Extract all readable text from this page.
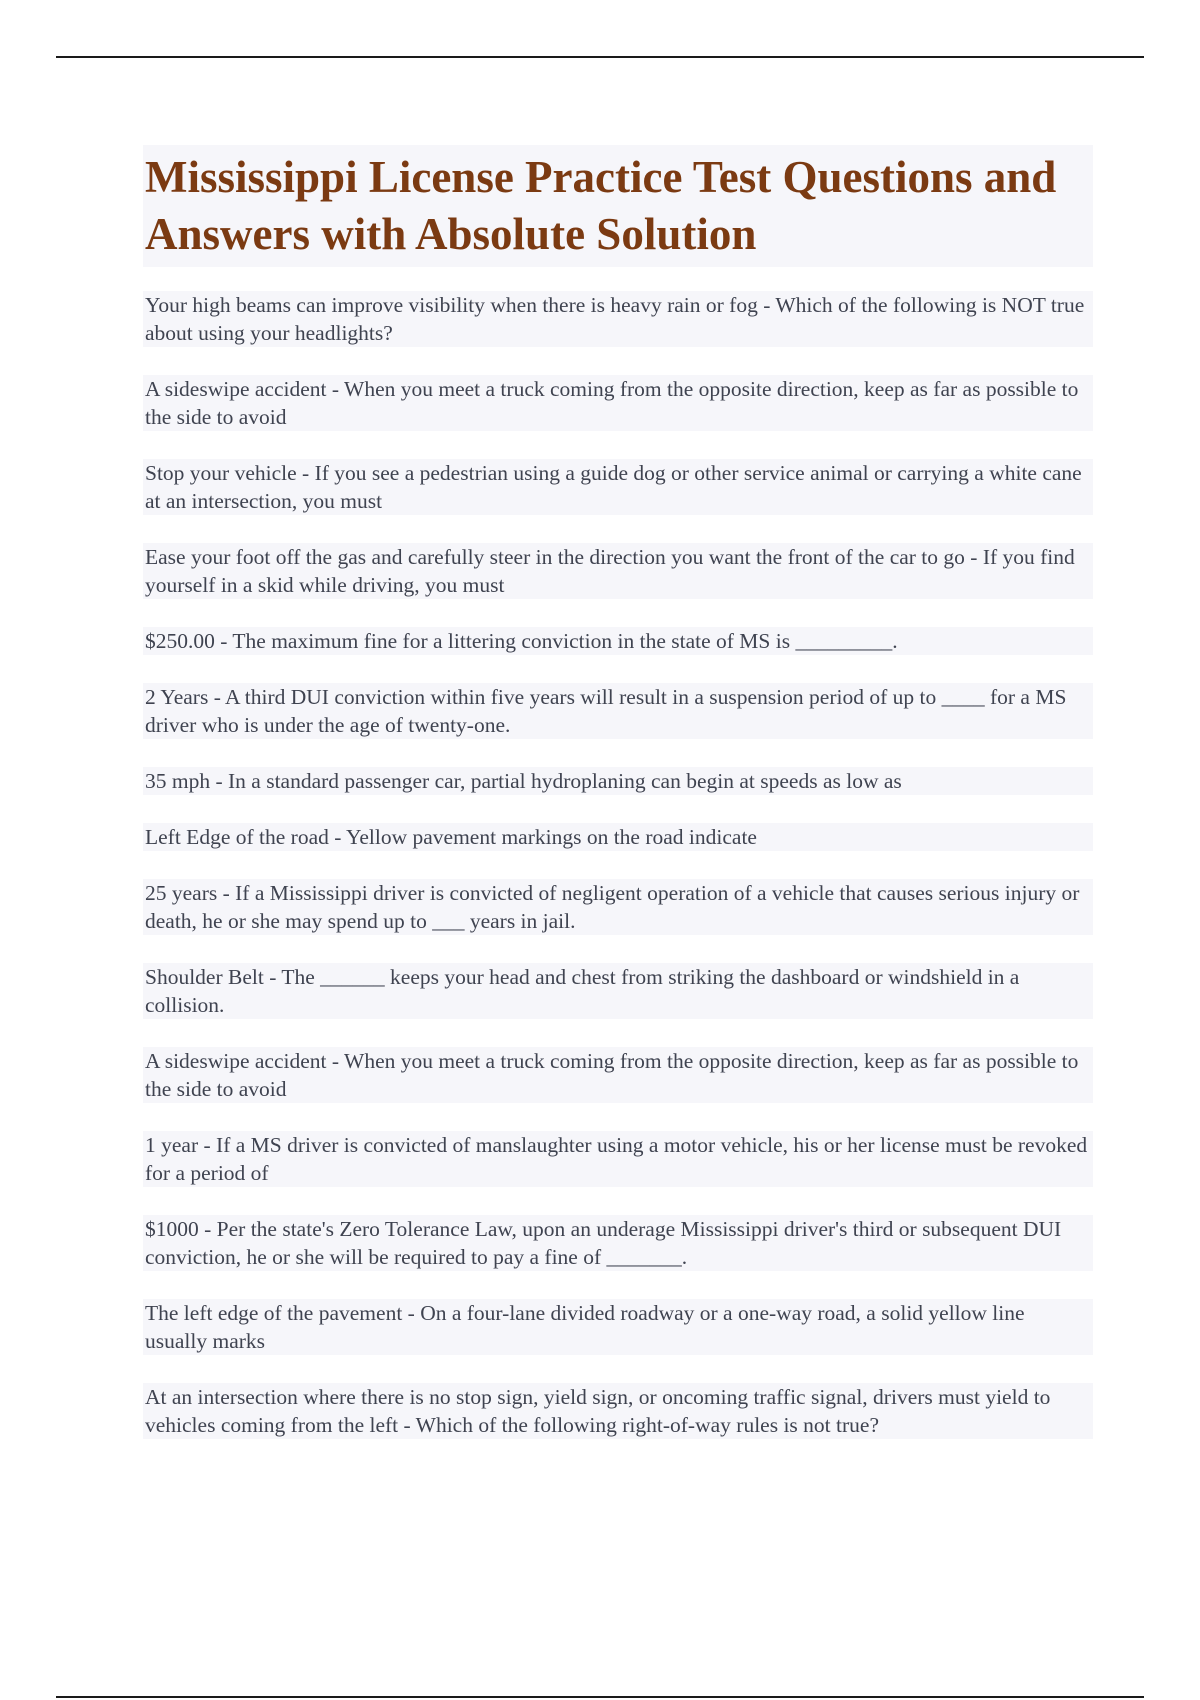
Mississippi License Practice Test Questions and Answers with Absolute Solution

Your high beams can improve visibility when there is heavy rain or fog - Which of the following is NOT true about using your headlights?

A sideswipe accident - When you meet a truck coming from the opposite direction, keep as far as possible to the side to avoid

Stop your vehicle - If you see a pedestrian using a guide dog or other service animal or carrying a white cane at an intersection, you must

Ease your foot off the gas and carefully steer in the direction you want the front of the car to go - If you find yourself in a skid while driving, you must

$250.00 - The maximum fine for a littering conviction in the state of MS is _________.

2 Years - A third DUI conviction within five years will result in a suspension period of up to ____ for a MS driver who is under the age of twenty-one.

35 mph - In a standard passenger car, partial hydroplaning can begin at speeds as low as

Left Edge of the road - Yellow pavement markings on the road indicate

25 years - If a Mississippi driver is convicted of negligent operation of a vehicle that causes serious injury or death, he or she may spend up to ___ years in jail.

Shoulder Belt - The ______ keeps your head and chest from striking the dashboard or windshield in a collision.

A sideswipe accident - When you meet a truck coming from the opposite direction, keep as far as possible to the side to avoid

1 year - If a MS driver is convicted of manslaughter using a motor vehicle, his or her license must be revoked for a period of

$1000 - Per the state's Zero Tolerance Law, upon an underage Mississippi driver's third or subsequent DUI conviction, he or she will be required to pay a fine of _______.

The left edge of the pavement - On a four-lane divided roadway or a one-way road, a solid yellow line usually marks

At an intersection where there is no stop sign, yield sign, or oncoming traffic signal, drivers must yield to vehicles coming from the left - Which of the following right-of-way rules is not true?
